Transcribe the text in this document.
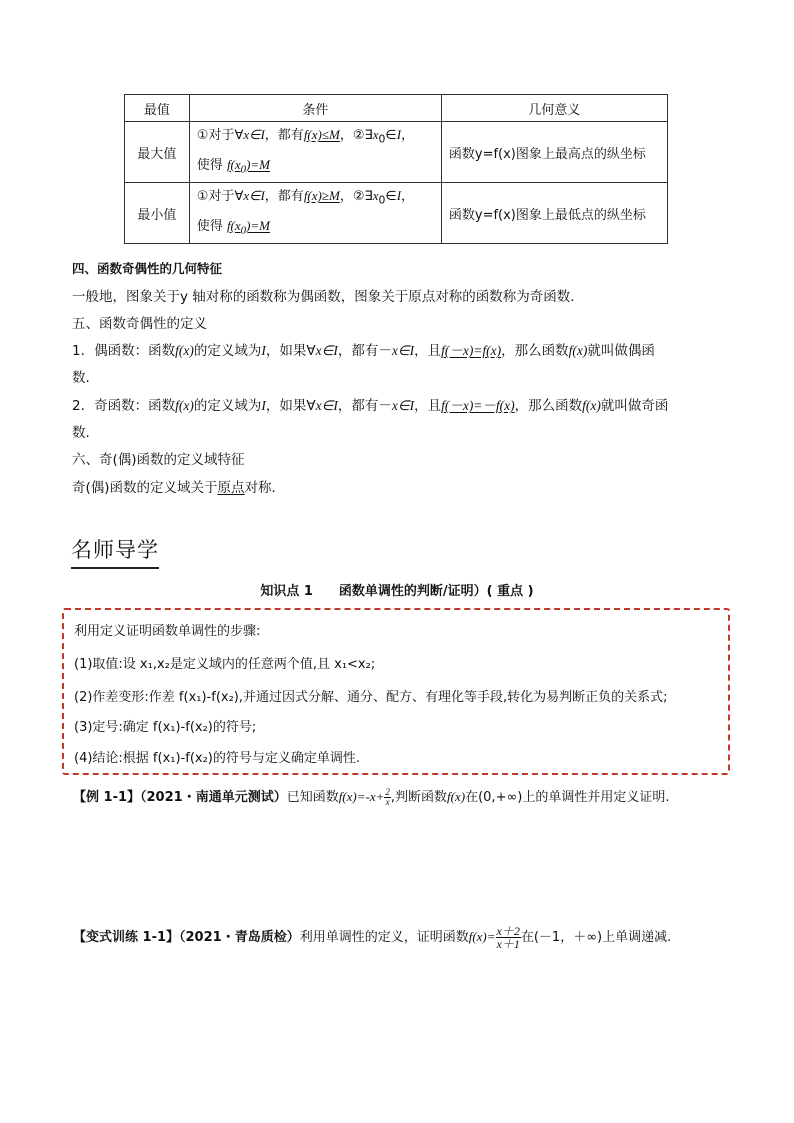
最值	条件	几何意义
最大值	①对于∀x∈I，都有f(x)≤M，$②\exists x_0\in I$，
使得 $f(x_0)=M$	函数y=f(x)图象上最高点的纵坐标
最小值	①对于∀x∈I，都有f(x)≥M，$②\exists x_0\in I$，
使得 $f(x_0)=M$	函数y=f(x)图象上最低点的纵坐标
四、函数奇偶性的几何特征
一般地，图象关于y 轴对称的函数称为偶函数，图象关于原点对称的函数称为奇函数．
五、函数奇偶性的定义
1．偶函数：函数f(x)的定义域为I，如果∀x∈I，都有－x∈I，且f(－x)=f(x)，那么函数f(x)就叫做偶函
数．
2．奇函数：函数f(x)的定义域为I，如果∀x∈I，都有－x∈I，且f(－x)=－f(x)，那么函数f(x)就叫做奇函
数．
六、奇(偶)函数的定义域特征
奇(偶)函数的定义域关于原点对称．
名师导学
知识点 1　　函数单调性的判断/证明）( 重点 )
利用定义证明函数单调性的步骤:
(1)取值:设 x₁,x₂是定义域内的任意两个值,且 x₁<x₂;
(2)作差变形:作差 f(x₁)-f(x₂),并通过因式分解、通分、配方、有理化等手段,转化为易判断正负的关系式;
(3)定号:确定 f(x₁)-f(x₂)的符号;
(4)结论:根据 f(x₁)-f(x₂)的符号与定义确定单调性.
【例 1-1】（2021・南通单元测试）已知函数$f(x)=-x+ \frac{2}{x}$ ,判断函数f(x)在(0,+∞)上的单调性并用定义证明.
【变式训练 1-1】（2021・青岛质检）利用单调性的定义，证明函数$f(x)= \frac{x+2}{x+1}$ 在(－1，＋∞)上单调递减.
